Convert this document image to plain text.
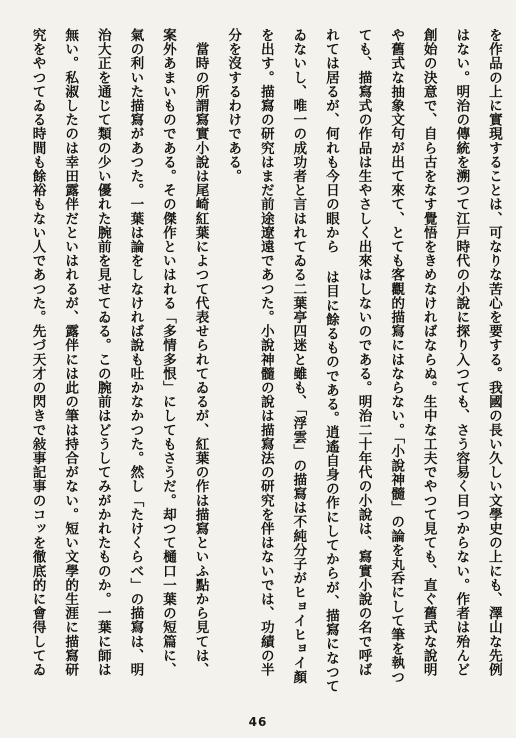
を作品の上に實現することは、可なりな苦心を要する。我國の長い久しい文學史の上にも、澤山な先例
はない。明治の傳統を溯つて江戸時代の小說に探り入つても、さう容易く目つからない。作者は殆んど
創始の決意で、自ら古をなす覺悟をきめなければならぬ。生中な工夫でやつて見ても、直ぐ舊式な說明
や舊式な抽象文句が出て來て、とても客觀的描寫にはならない。「小說神髓」の論を丸呑にして筆を執つ
ても、描寫式の作品は生やさしく出來はしないのである。明治二十年代の小說は、寫實小說の名で呼ば
れては居るが、何れも今日の眼から は目に餘るものである。逍遙自身の作にしてからが、描寫になつて
ゐないし、唯一の成功者と言はれてゐる二葉亭四迷と雖も、「浮雲」の描寫は不純分子がヒョイヒョイ顏
を出す。描寫の研究はまだ前途遼遠であつた。小說神髓の說は描寫法の研究を伴はないでは、功績の半
分を沒するわけである。
　當時の所謂寫實小說は尾崎紅葉によつて代表せられてゐるが、紅葉の作は描寫といふ點から見ては、
案外あまいものである。その傑作といはれる「多情多恨」にしてもさうだ。却つて樋口一葉の短篇に、
氣の利いた描寫があつた。一葉は論をしなければ說も吐かなかつた。然し「たけくらべ」の描寫は、明
治大正を通じて類の少い優れた腕前を見せてゐる。この腕前はどうしてみがかれたものか。一葉に師は
無い。私淑したのは幸田露伴だといはれるが、露伴には此の筆は持合がない。短い文學的生涯に描寫研
究をやつてゐる時間も餘裕もない人であつた。先づ天才の閃きで敍事記事のコッを徹底的に會得してゐ
46
